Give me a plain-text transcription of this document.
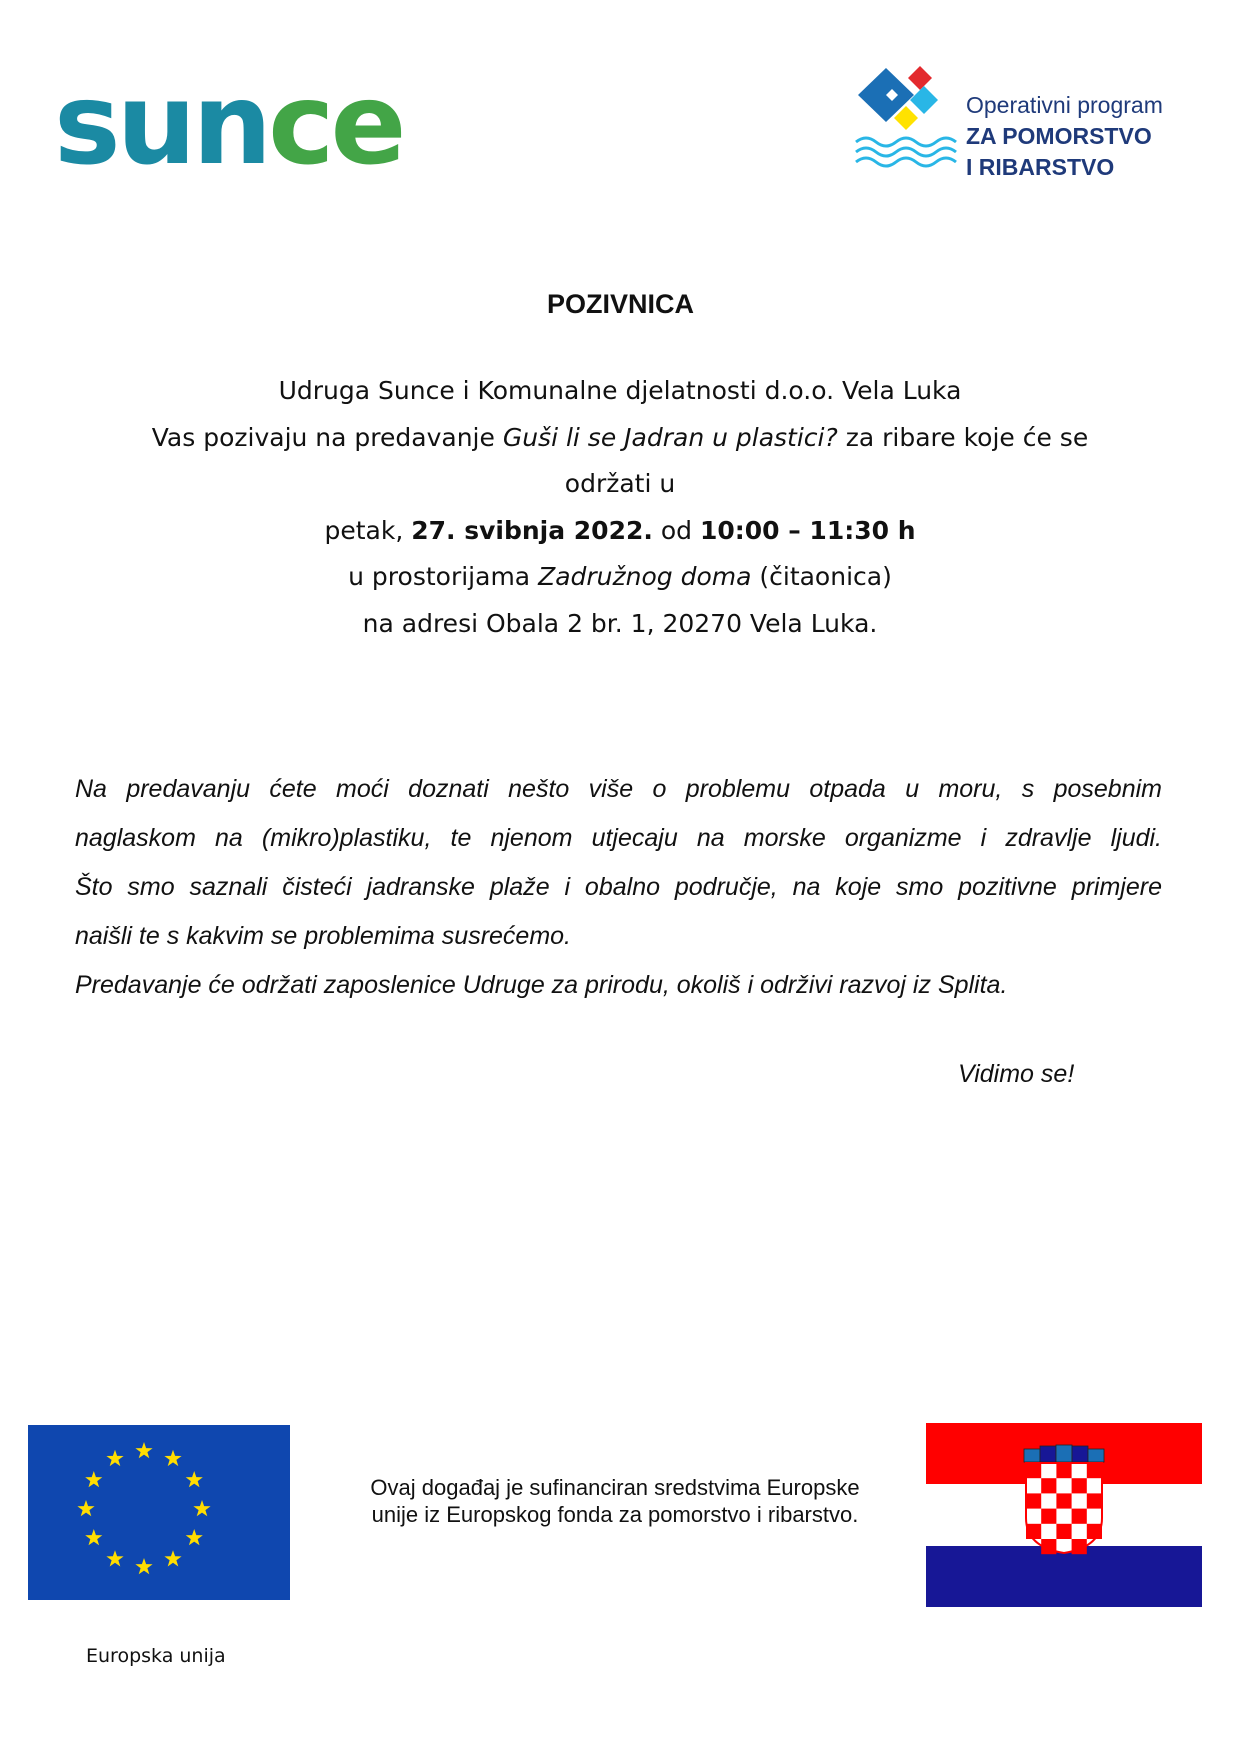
sunce	Operativni program
ZA POMORSTVO
I RIBARSTVO
POZIVNICA
Udruga Sunce i Komunalne djelatnosti d.o.o. Vela Luka
Vas pozivaju na predavanje Guši li se Jadran u plastici? za ribare koje će se
održati u
petak, 27. svibnja 2022. od 10:00 – 11:30 h
u prostorijama Zadružnog doma (čitaonica)
na adresi Obala 2 br. 1, 20270 Vela Luka.
Na predavanju ćete moći doznati nešto više o problemu otpada u moru, s posebnim
naglaskom na (mikro)plastiku, te njenom utjecaju na morske organizme i zdravlje ljudi.
Što smo saznali čisteći jadranske plaže i obalno područje, na koje smo pozitivne primjere
naišli te s kakvim se problemima susrećemo.
Predavanje će održati zaposlenice Udruge za prirodu, okoliš i održivi razvoj iz Splita.
Vidimo se!
Europska unija
Ovaj događaj je sufinanciran sredstvima Europske
unije iz Europskog fonda za pomorstvo i ribarstvo.
